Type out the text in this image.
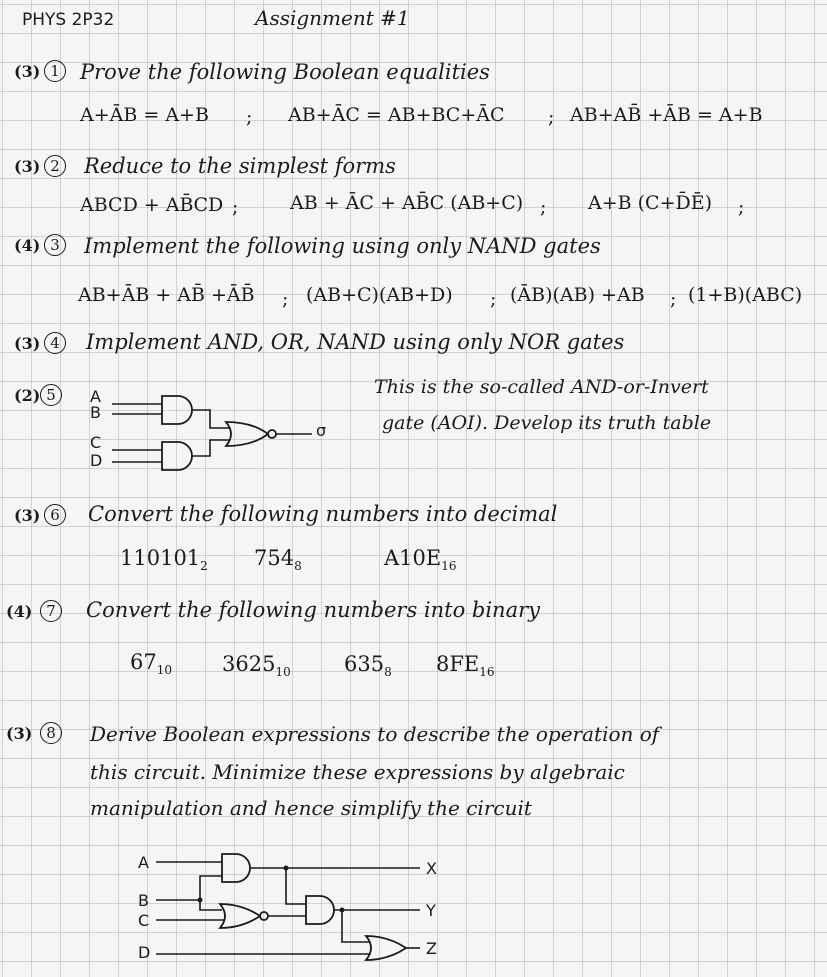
PHYS 2P32	Assignment #1
(3) 1 Prove the following Boolean equalities
A+ĀB = A+B ; AB+ĀC = AB+BC+ĀC ; AB+AB̄ +ĀB = A+B
(3) 2 Reduce to the simplest forms
ABCD + AB̄CD ;	AB + ĀC + AB̄C (AB+C) ; A+B (C+D̄Ē) ;
(4) 3 Implement the following using only NAND gates
AB+ĀB + AB̄ +ĀB̄ ; (AB+C)(AB+D) ; (ĀB)(AB) +AB ; (1+B)(ABC)
(3) 4 Implement AND, OR, NAND using only NOR gates
(2) 5	A
B
C
D
σ
This is the so-called AND-or-Invert
gate (AOI). Develop its truth table
(3) 6 Convert the following numbers into decimal
$110101_2$ $754_8$	$A10E_{16}$
(4) 7 Convert the following numbers into binary
$67_{10}$ $3625_{10}$	$635_8$ $8FE_{16}$
(3) 8	Derive Boolean expressions to describe the operation of
this circuit. Minimize these expressions by algebraic
manipulation and hence simplify the circuit
A
B
C
D
X
Y
Z
